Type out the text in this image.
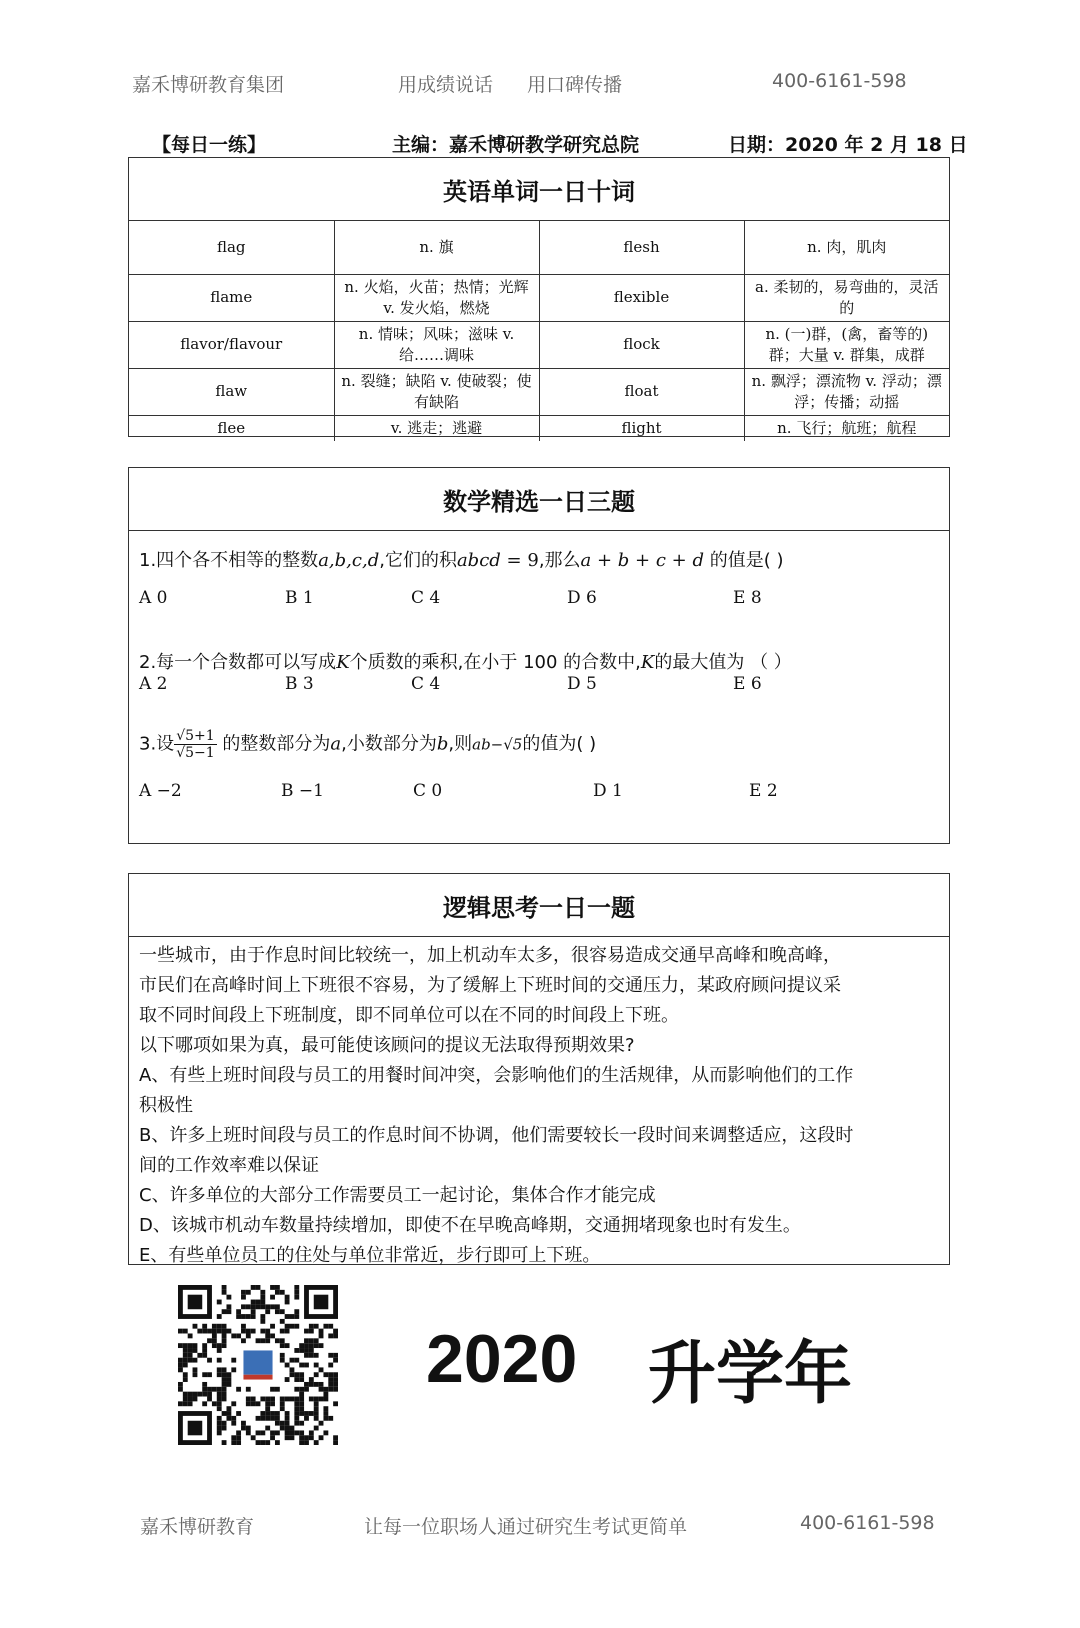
嘉禾博研教育集团	用成绩说话 用口碑传播	400-6161-598
【每日一练】	主编：嘉禾博研教学研究总院	日期：2020 年 2 月 18 日
英语单词一日十词
flag	n. 旗	flesh	n. 肉，肌肉
flame	n. 火焰，火苗；热情；光辉 v. 发火焰，燃烧	flexible	a. 柔韧的，易弯曲的，灵活的
flavor/flavour	n. 情味；风味；滋味 v. 给……调味	flock	n. (一)群，(禽，畜等的)群；大量 v. 群集，成群
flaw	n. 裂缝；缺陷 v. 使破裂；使有缺陷	float	n. 飘浮；漂流物 v. 浮动；漂浮；传播；动摇
flee	v. 逃走；逃避	flight	n. 飞行；航班；航程
数学精选一日三题
1.四个各不相等的整数a,b,c,d,它们的积abcd = 9,那么a + b + c + d 的值是( )
A 0	B 1	C 4	D 6	E 8
2.每一个合数都可以写成K个质数的乘积,在小于 100 的合数中,K的最大值为 （ ）
A 2	B 3	C 4	D 5	E 6
3.设 $\frac{√5+1}{√5-1}$ 的整数部分为a,小数部分为b,则ab−√5的值为( )
A −2	B −1	C 0	D 1	E 2
逻辑思考一日一题

一些城市，由于作息时间比较统一，加上机动车太多，很容易造成交通早高峰和晚高峰，

市民们在高峰时间上下班很不容易，为了缓解上下班时间的交通压力，某政府顾问提议采

取不同时间段上下班制度，即不同单位可以在不同的时间段上下班。

以下哪项如果为真，最可能使该顾问的提议无法取得预期效果?

A、有些上班时间段与员工的用餐时间冲突，会影响他们的生活规律，从而影响他们的工作

积极性

B、许多上班时间段与员工的作息时间不协调，他们需要较长一段时间来调整适应，这段时

间的工作效率难以保证

C、许多单位的大部分工作需要员工一起讨论，集体合作才能完成

D、该城市机动车数量持续增加，即使不在早晚高峰期，交通拥堵现象也时有发生。

E、有些单位员工的住处与单位非常近，步行即可上下班。

2020 升学年
嘉禾博研教育	让每一位职场人通过研究生考试更简单	400-6161-598
